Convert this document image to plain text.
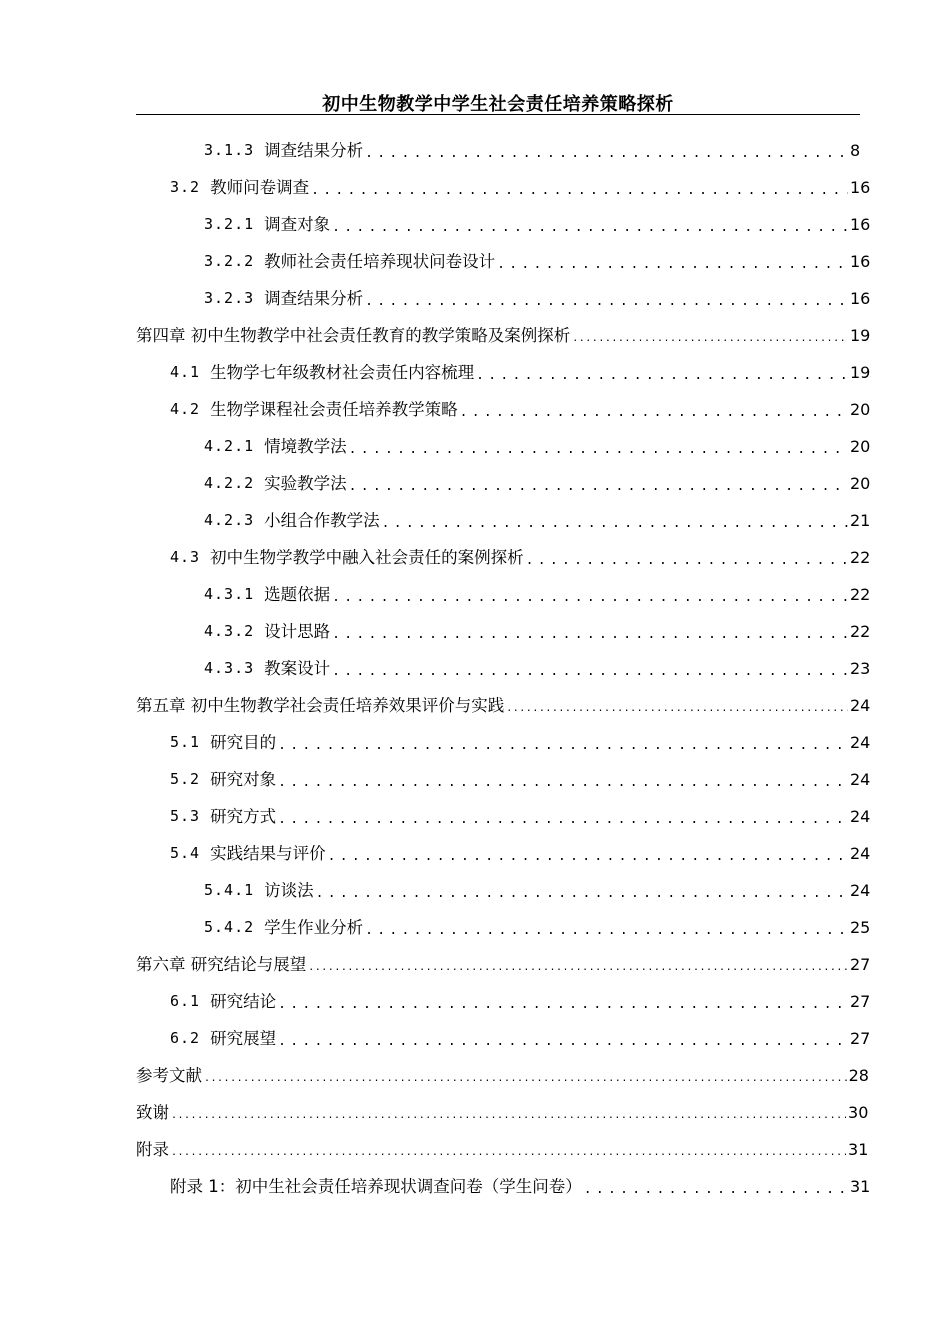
初中生物教学中学生社会责任培养策略探析
3.1.3 调查结果分析 .....	8
3.2 教师问卷调查 .....	16
3.2.1 调查对象 .....	16
3.2.2 教师社会责任培养现状问卷设计 .....	16
3.2.3 调查结果分析 .....	16
第四章 初中生物教学中社会责任教育的教学策略及案例探析 .....	19
4.1 生物学七年级教材社会责任内容梳理 .....	19
4.2 生物学课程社会责任培养教学策略 .....	20
4.2.1 情境教学法 .....	20
4.2.2 实验教学法 .....	20
4.2.3 小组合作教学法 .....	21
4.3 初中生物学教学中融入社会责任的案例探析 .....	22
4.3.1 选题依据 .....	22
4.3.2 设计思路 .....	22
4.3.3 教案设计 .....	23
第五章 初中生物教学社会责任培养效果评价与实践 .....	24
5.1 研究目的 .....	24
5.2 研究对象 .....	24
5.3 研究方式 .....	24
5.4 实践结果与评价 .....	24
5.4.1 访谈法 .....	24
5.4.2 学生作业分析 .....	25
第六章 研究结论与展望 .....	27
6.1 研究结论 .....	27
6.2 研究展望 .....	27
参考文献 .....	28
致谢 .....	30
附录 .....	31
附录 1：初中生社会责任培养现状调查问卷（学生问卷） .....	31
